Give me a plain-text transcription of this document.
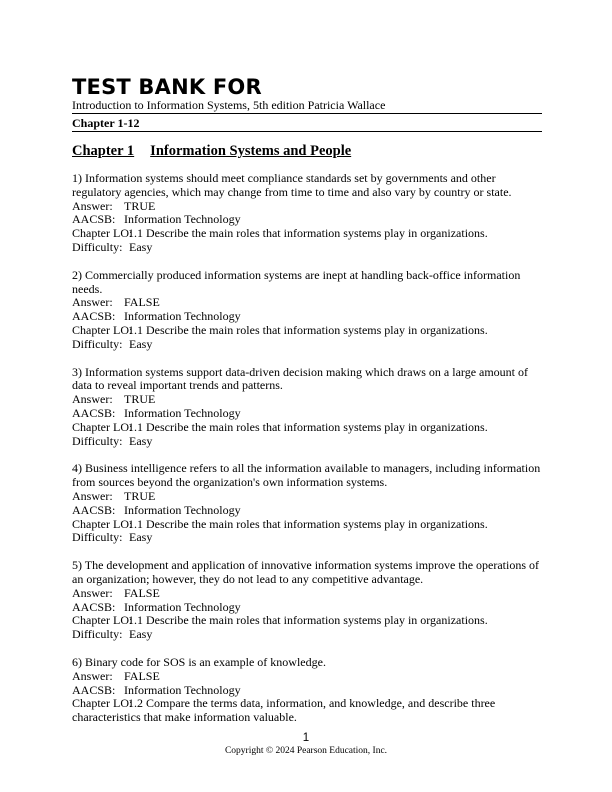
TEST BANK FOR
Introduction to Information Systems, 5th edition Patricia Wallace
Chapter 1-12
Chapter 1 Information Systems and People
1) Information systems should meet compliance standards set by governments and other
regulatory agencies, which may change from time to time and also vary by country or state.
Answer: TRUE
AACSB: Information Technology
Chapter LO:1.1 Describe the main roles that information systems play in organizations.
Difficulty: Easy
2) Commercially produced information systems are inept at handling back-office information
needs.
Answer: FALSE
AACSB: Information Technology
Chapter LO:1.1 Describe the main roles that information systems play in organizations.
Difficulty: Easy
3) Information systems support data-driven decision making which draws on a large amount of
data to reveal important trends and patterns.
Answer: TRUE
AACSB: Information Technology
Chapter LO:1.1 Describe the main roles that information systems play in organizations.
Difficulty: Easy
4) Business intelligence refers to all the information available to managers, including information
from sources beyond the organization's own information systems.
Answer: TRUE
AACSB: Information Technology
Chapter LO:1.1 Describe the main roles that information systems play in organizations.
Difficulty: Easy
5) The development and application of innovative information systems improve the operations of
an organization; however, they do not lead to any competitive advantage.
Answer: FALSE
AACSB: Information Technology
Chapter LO:1.1 Describe the main roles that information systems play in organizations.
Difficulty: Easy
6) Binary code for SOS is an example of knowledge.
Answer: FALSE
AACSB: Information Technology
Chapter LO:1.2 Compare the terms data, information, and knowledge, and describe three
characteristics that make information valuable.
1
Copyright © 2024 Pearson Education, Inc.
